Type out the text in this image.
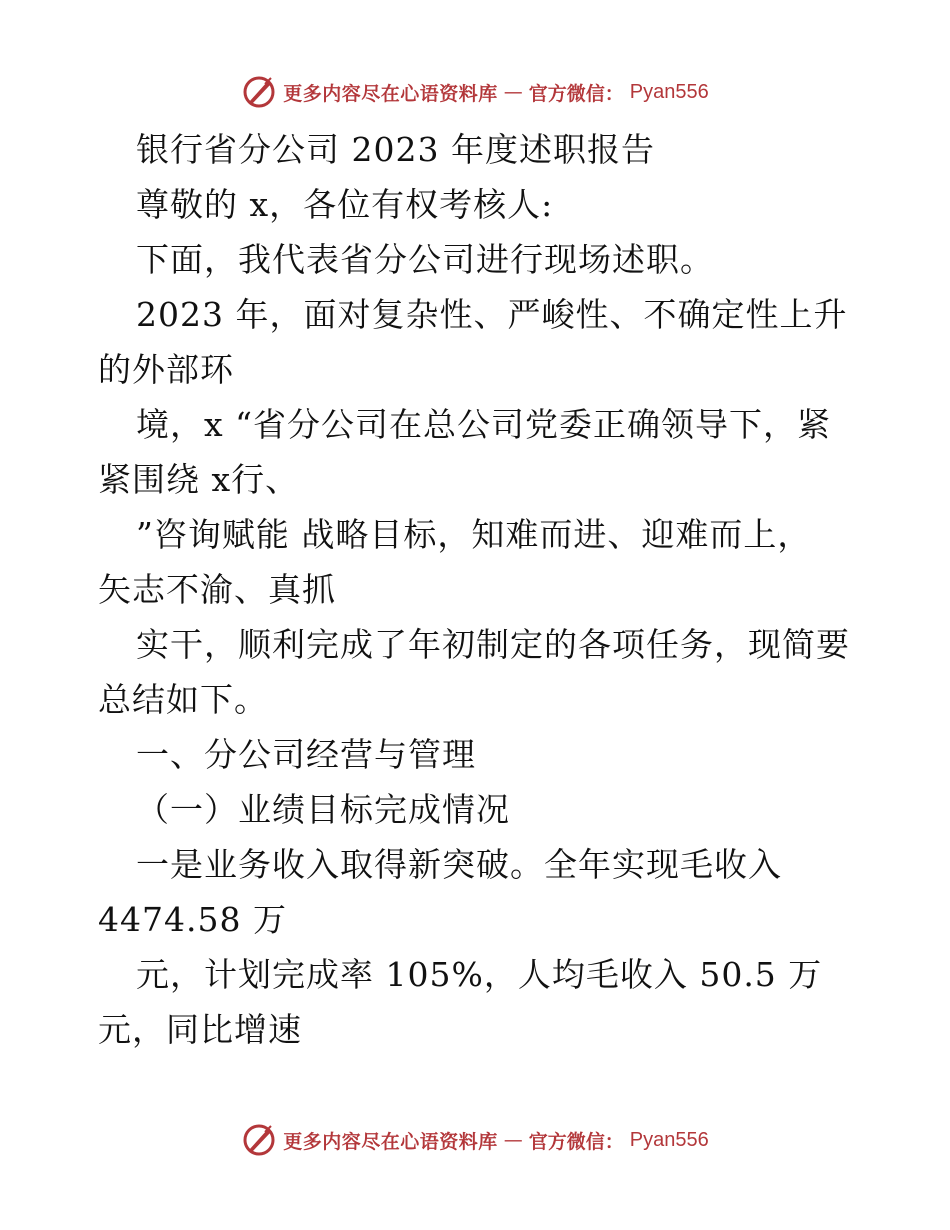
更多内容尽在心语资料库 — 官方微信： Pyan556
银行省分公司 2023 年度述职报告
尊敬的 x，各位有权考核人:
下面，我代表省分公司进行现场述职。
2023 年，面对复杂性、严峻性、不确定性上升
的外部环
境，x “省分公司在总公司党委正确领导下，紧
紧围绕 x行、
”咨询赋能 战略目标，知难而进、迎难而上，
矢志不渝、真抓
实干，顺利完成了年初制定的各项任务，现简要
总结如下。
一、分公司经营与管理
（一）业绩目标完成情况
一是业务收入取得新突破。全年实现毛收入
4474.58 万
元，计划完成率 105%，人均毛收入 50.5 万
元，同比增速
更多内容尽在心语资料库 — 官方微信： Pyan556
